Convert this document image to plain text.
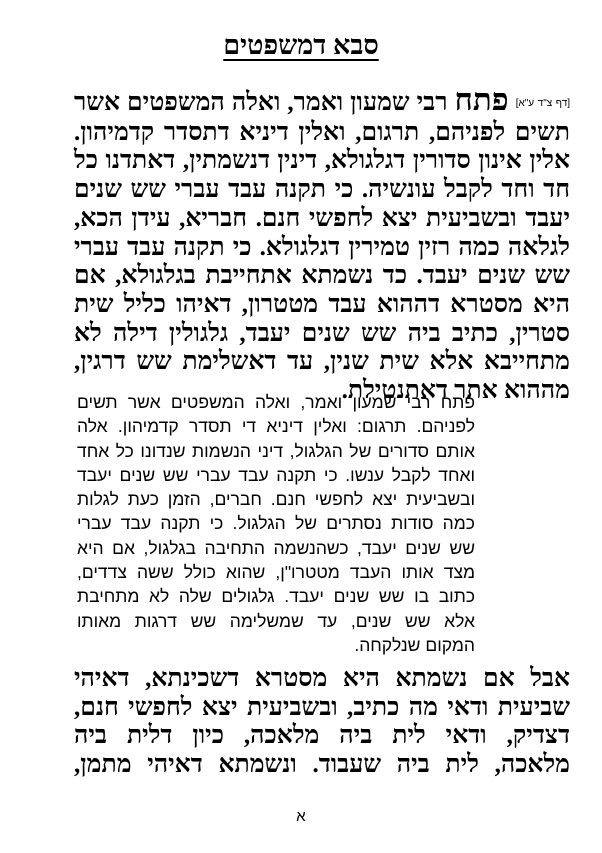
סבא דמשפטים
[דף צ"ד ע"א] פתח רבי שמעון ואמר, ואלה המשפטים אשר
תשים לפניהם, תרגום, ואלין דיניא דתסדר קדמיהון.
אלין אינון סדורין דגלגולא, דינין דנשמתין, דאתדנו כל
חד וחד לקבל עונשיה. כי תקנה עבד עברי שש שנים
יעבד ובשביעית יצא לחפשי חנם. חבריא, עידן הכא,
לגלאה כמה רזין טמירין דגלגולא. כי תקנה עבד עברי
שש שנים יעבד. כד נשמתא אתחייבת בגלגולא, אם
היא מסטרא דההוא עבד מטטרון, דאיהו כליל שית
סטרין, כתיב ביה שש שנים יעבד, גלגולין דילה לא
מתחייבא אלא שית שנין, עד דאשלימת שש דרגין,
מההוא אתר דאתנטילת.
פתח רבי שמעון ואמר, ואלה המשפטים אשר תשים
לפניהם. תרגום: ואלין דיניא די תסדר קדמיהון. אלה
אותם סדורים של הגלגול, דיני הנשמות שנדונו כל אחד
ואחד לקבל ענשו. כי תקנה עבד עברי שש שנים יעבד
ובשביעית יצא לחפשי חנם. חברים, הזמן כעת לגלות
כמה סודות נסתרים של הגלגול. כי תקנה עבד עברי
שש שנים יעבד, כשהנשמה התחיבה בגלגול, אם היא
מצד אותו העבד מטטרו"ן, שהוא כולל ששה צדדים,
כתוב בו שש שנים יעבד. גלגולים שלה לא מתחיבת
אלא שש שנים, עד שמשלימה שש דרגות מאותו
המקום שנלקחה.
אבל אם נשמתא היא מסטרא דשכינתא, דאיהי
שביעית ודאי מה כתיב, ובשביעית יצא לחפשי חנם,
דצדיק, ודאי לית ביה מלאכה, כיון דלית ביה
מלאכה, לית ביה שעבוד. ונשמתא דאיהי מתמן,
א
